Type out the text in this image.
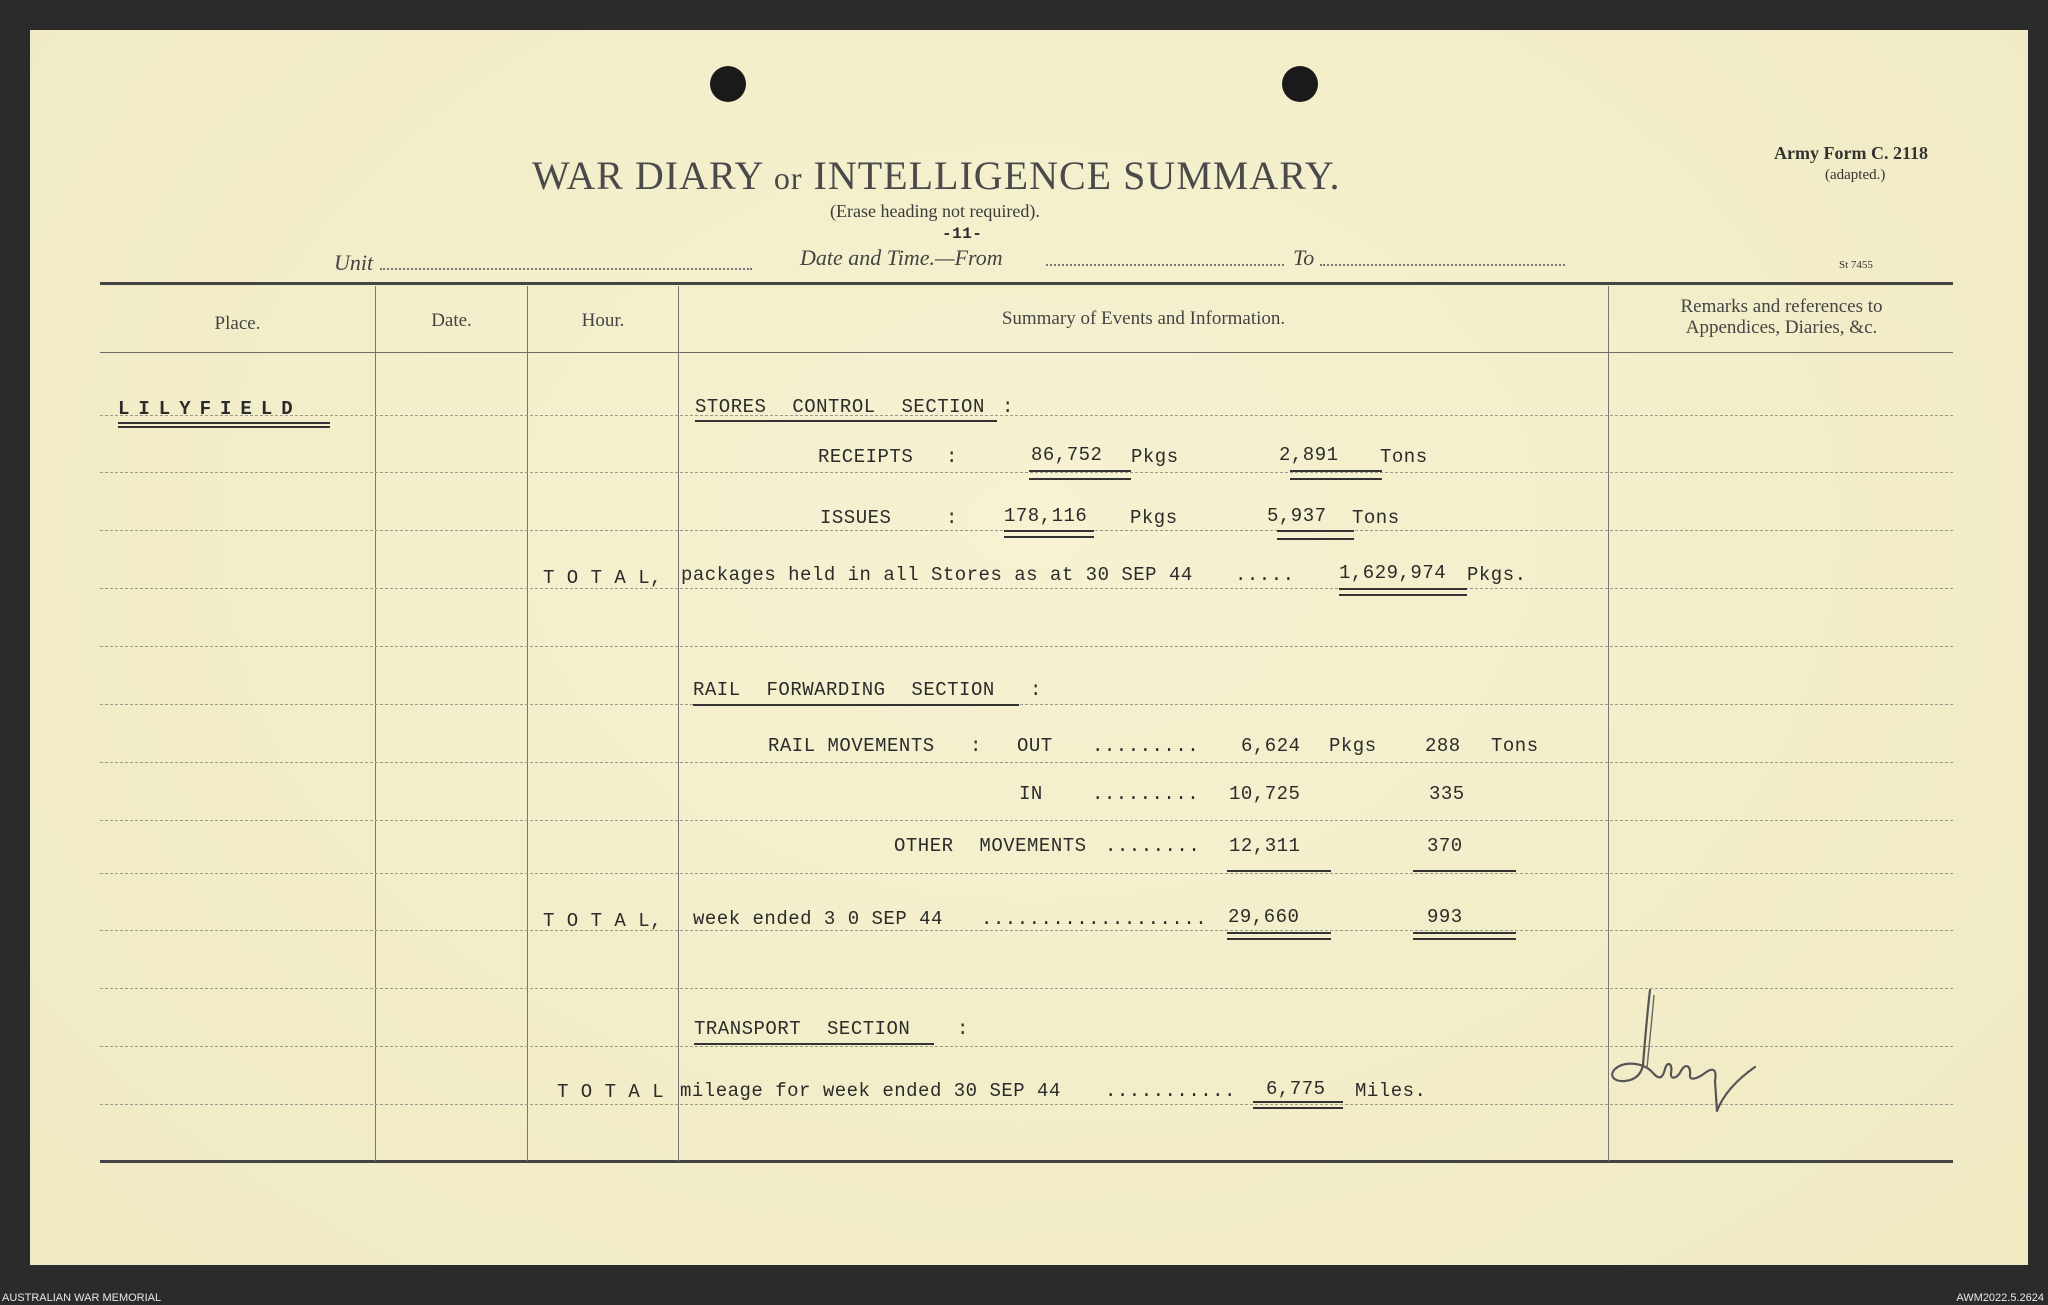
WAR DIARY or INTELLIGENCE SUMMARY.
(Erase heading not required).
Army Form C. 2118
(adapted.)
St 7455
-11-
Unit	Date and Time.—From	To
Place.	Date.	Hour.	Summary of Events and Information.
Remarks and references to
Appendices, Diaries, &c.
LILYFIELD	STORES CONTROL SECTION :
RECEIPTS :	86,752 Pkgs	2,891 Tons
ISSUES	: 178,116 Pkgs	5,937 Tons
T O T A L, packages held in all Stores as at 30 SEP 44 ..... 1,629,974 Pkgs.
RAIL FORWARDING SECTION :
RAIL MOVEMENTS : OUT ......... 6,624 Pkgs	288 Tons
IN	......... 10,725	335
OTHER MOVEMENTS ........ 12,311	370
T O T A L, week ended 3 0 SEP 44 ................... 29,660	993
TRANSPORT SECTION :
T O T A L mileage for week ended 30 SEP 44 ........... 6,775 Miles.
AUSTRALIAN WAR MEMORIAL	AWM2022.5.2624
